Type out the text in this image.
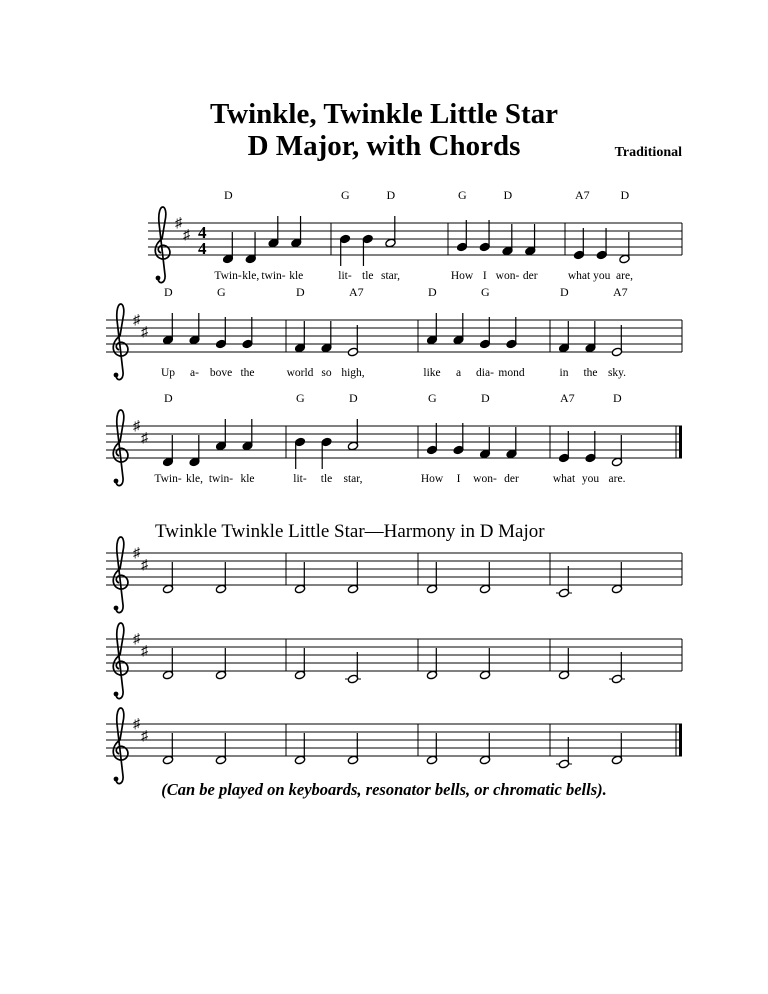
Twinkle, Twinkle Little Star
D Major, with Chords	Traditional
♯
♯ 4
4
D	G	D	G	D	A7	D
Twin- kle, twin- kle	lit- tle star,	How I won- der	what you are,
♯
♯
D	G	D	A7	D	G	D	A7
Up a- bove the	world so high,	like a dia- mond	in the sky.
♯
♯
D	G	D	G	D	A7	D
Twin- kle, twin- kle	lit- tle star,	How I won- der	what you are.
♯
♯
♯
♯
♯
♯
Twinkle Twinkle Little Star—Harmony in D Major
(Can be played on keyboards, resonator bells, or chromatic bells).
